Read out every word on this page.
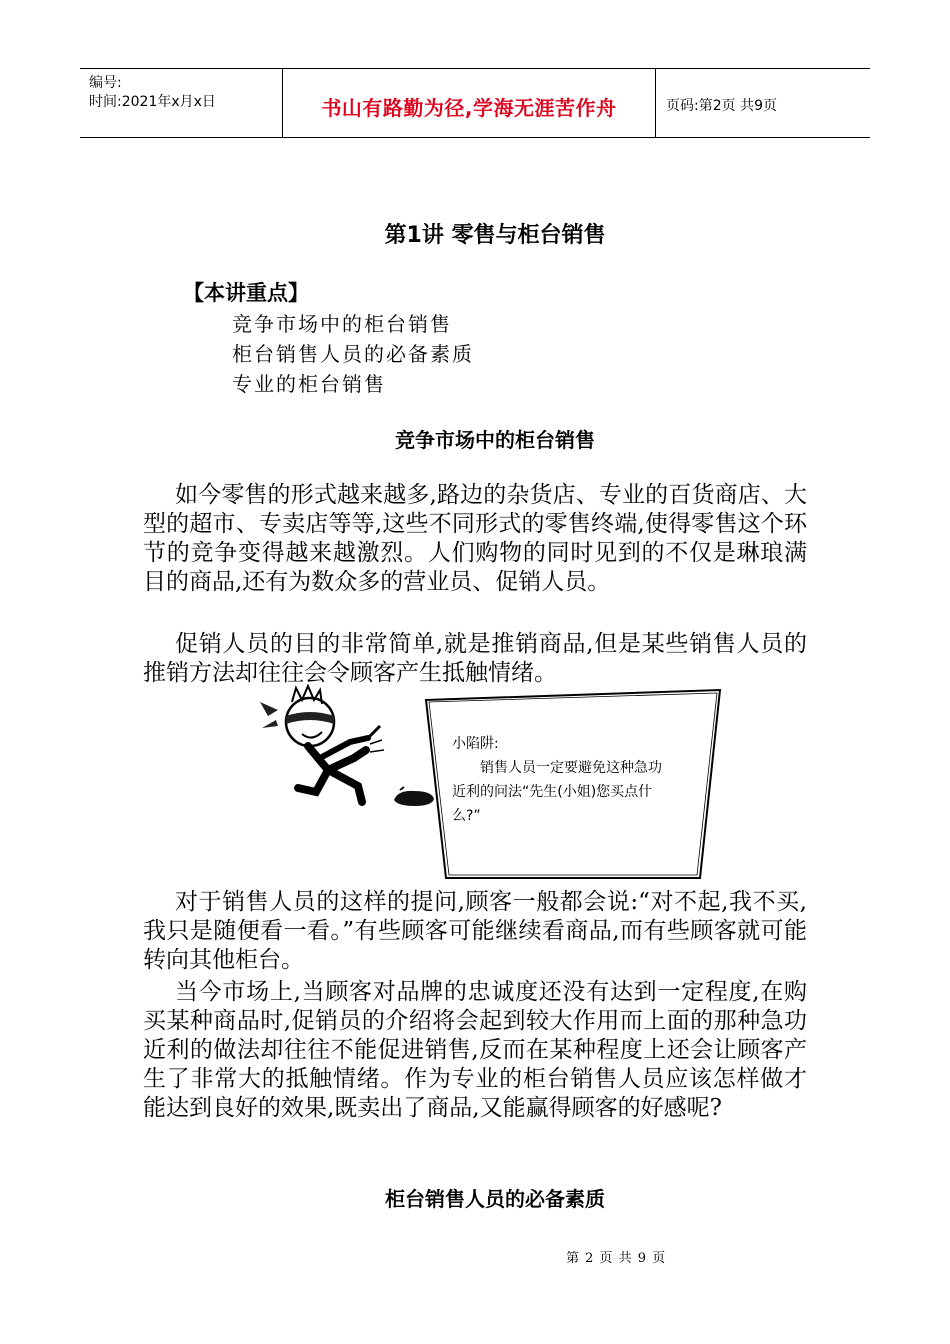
编号:
时间:2021年x月x日	书山有路勤为径,学海无涯苦作舟	页码:第2页 共9页
第1讲 零售与柜台销售
【本讲重点】
竞争市场中的柜台销售
柜台销售人员的必备素质
专业的柜台销售
竞争市场中的柜台销售

如今零售的形式越来越多,路边的杂货店、专业的百货商店、大型的超市、专卖店等等,这些不同形式的零售终端,使得零售这个环节的竞争变得越来越激烈。人们购物的同时见到的不仅是琳琅满目的商品,还有为数众多的营业员、促销人员。

促销人员的目的非常简单,就是推销商品,但是某些销售人员的推销方法却往往会令顾客产生抵触情绪。

小陷阱:
销售人员一定要避免这种急功近利的问法“先生(小姐)您买点什么?”

对于销售人员的这样的提问,顾客一般都会说:“对不起,我不买,我只是随便看一看。”有些顾客可能继续看商品,而有些顾客就可能转向其他柜台。

当今市场上,当顾客对品牌的忠诚度还没有达到一定程度,在购买某种商品时,促销员的介绍将会起到较大作用而上面的那种急功近利的做法却往往不能促进销售,反而在某种程度上还会让顾客产生了非常大的抵触情绪。作为专业的柜台销售人员应该怎样做才能达到良好的效果,既卖出了商品,又能赢得顾客的好感呢?

柜台销售人员的必备素质
第 2 页 共 9 页
